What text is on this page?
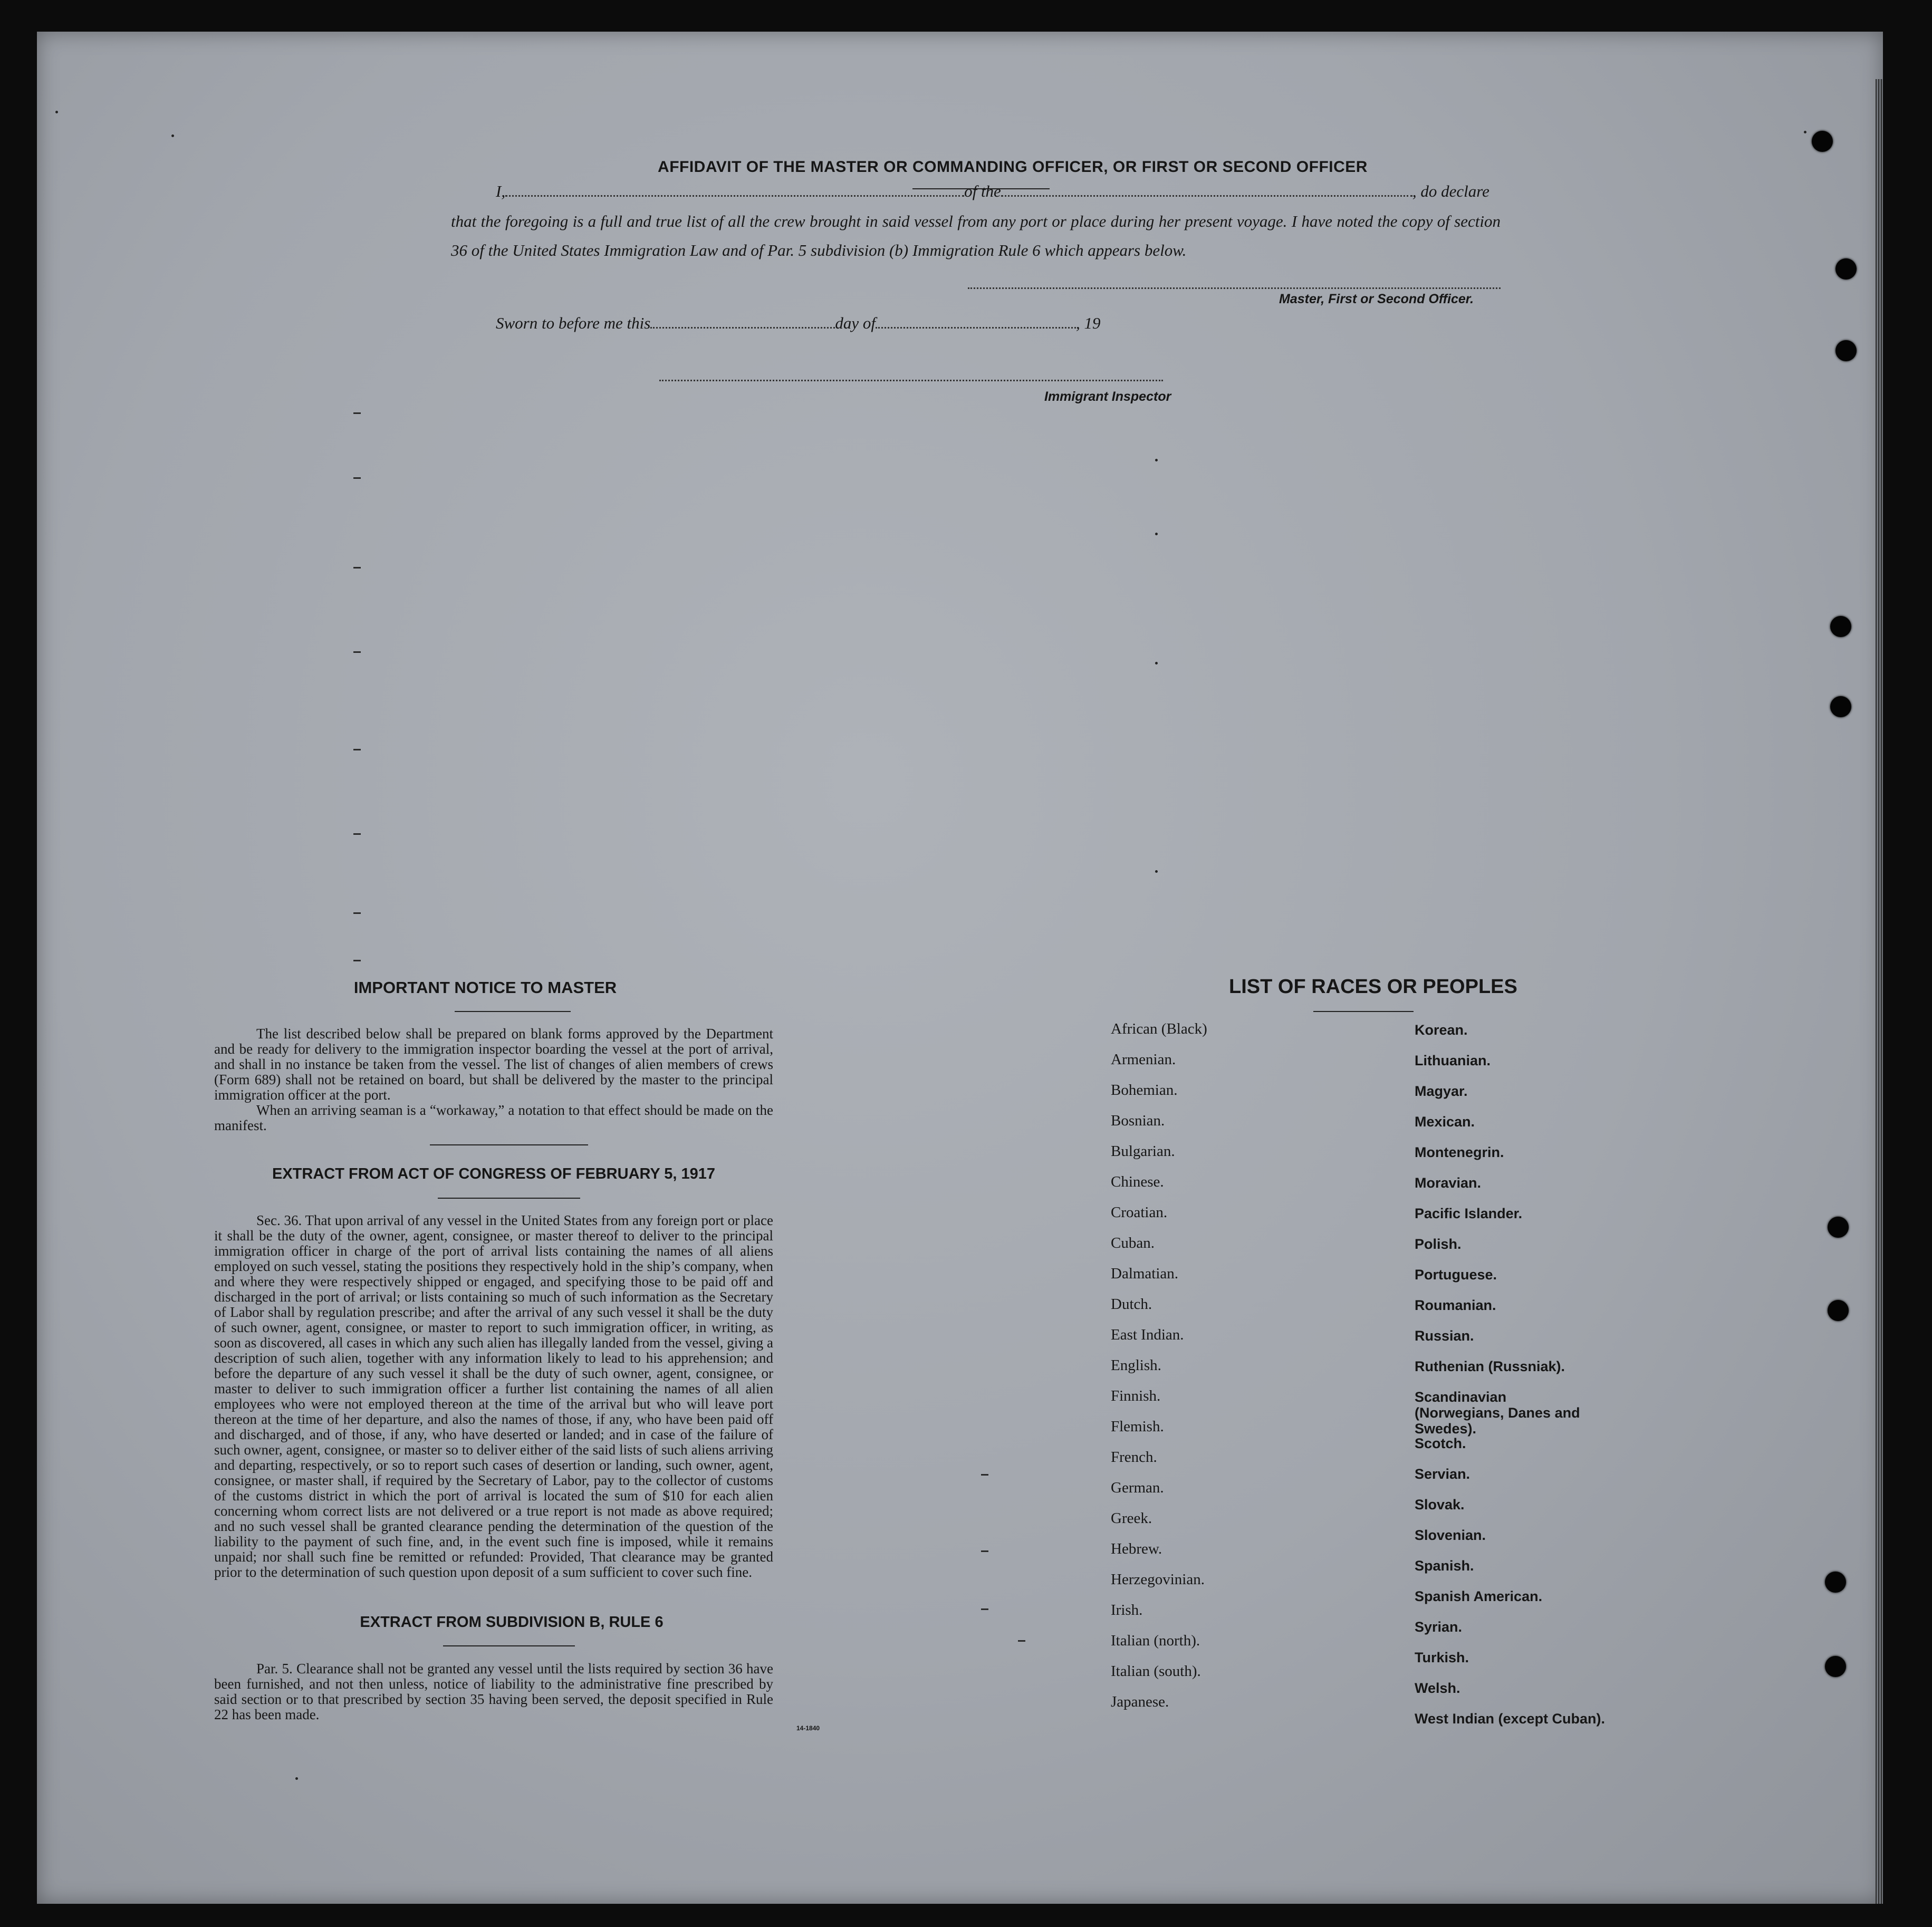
AFFIDAVIT OF THE MASTER OR COMMANDING OFFICER, OR FIRST OR SECOND OFFICER
I,	of the	, do declare
that the foregoing is a full and true list of all the crew brought in said vessel from any port or place during her present voyage. I have noted the copy of section 36 of the United States Immigration Law and of Par. 5 subdivision (b) Immigration Rule 6 which appears below.
Master, First or Second Officer.
Sworn to before me this	day of	, 19
Immigrant Inspector
IMPORTANT NOTICE TO MASTER

The list described below shall be prepared on blank forms approved by the Department and be ready for delivery to the immigration inspector boarding the vessel at the port of arrival, and shall in no instance be taken from the vessel. The list of changes of alien members of crews (Form 689) shall not be retained on board, but shall be delivered by the master to the principal immigration officer at the port.

When an arriving seaman is a “workaway,” a notation to that effect should be made on the manifest.

EXTRACT FROM ACT OF CONGRESS OF FEBRUARY 5, 1917

Sec. 36. That upon arrival of any vessel in the United States from any foreign port or place it shall be the duty of the owner, agent, consignee, or master thereof to deliver to the principal immigration officer in charge of the port of arrival lists containing the names of all aliens employed on such vessel, stating the positions they respectively hold in the ship’s company, when and where they were respectively shipped or engaged, and specifying those to be paid off and discharged in the port of arrival; or lists containing so much of such information as the Secretary of Labor shall by regulation prescribe; and after the arrival of any such vessel it shall be the duty of such owner, agent, consignee, or master to report to such immigration officer, in writing, as soon as discovered, all cases in which any such alien has illegally landed from the vessel, giving a description of such alien, together with any information likely to lead to his apprehension; and before the departure of any such vessel it shall be the duty of such owner, agent, consignee, or master to deliver to such immigration officer a further list containing the names of all alien employees who were not employed thereon at the time of the arrival but who will leave port thereon at the time of her departure, and also the names of those, if any, who have been paid off and discharged, and of those, if any, who have deserted or landed; and in case of the failure of such owner, agent, consignee, or master so to deliver either of the said lists of such aliens arriving and departing, respectively, or so to report such cases of desertion or landing, such owner, agent, consignee, or master shall, if required by the Secretary of Labor, pay to the collector of customs of the customs district in which the port of arrival is located the sum of $10 for each alien concerning whom correct lists are not delivered or a true report is not made as above required; and no such vessel shall be granted clearance pending the determination of the question of the liability to the payment of such fine, and, in the event such fine is imposed, while it remains unpaid; nor shall such fine be remitted or refunded: Provided, That clearance may be granted prior to the determination of such question upon deposit of a sum sufficient to cover such fine.

EXTRACT FROM SUBDIVISION B, RULE 6

Par. 5. Clearance shall not be granted any vessel until the lists required by section 36 have been furnished, and not then unless, notice of liability to the administrative fine prescribed by said section or to that prescribed by section 35 having been served, the deposit specified in Rule 22 has been made.

14-1840
LIST OF RACES OR PEOPLES
African (Black)
Armenian.
Bohemian.
Bosnian.
Bulgarian.
Chinese.
Croatian.
Cuban.
Dalmatian.
Dutch.
East Indian.
English.
Finnish.
Flemish.
French.
German.
Greek.
Hebrew.
Herzegovinian.
Irish.
Italian (north).
Italian (south).
Japanese.
Korean.
Lithuanian.
Magyar.
Mexican.
Montenegrin.
Moravian.
Pacific Islander.
Polish.
Portuguese.
Roumanian.
Russian.
Ruthenian (Russniak).
Scandinavian (Norwegians, Danes and Swedes).
Scotch.
Servian.
Slovak.
Slovenian.
Spanish.
Spanish American.
Syrian.
Turkish.
Welsh.
West Indian (except Cuban).
